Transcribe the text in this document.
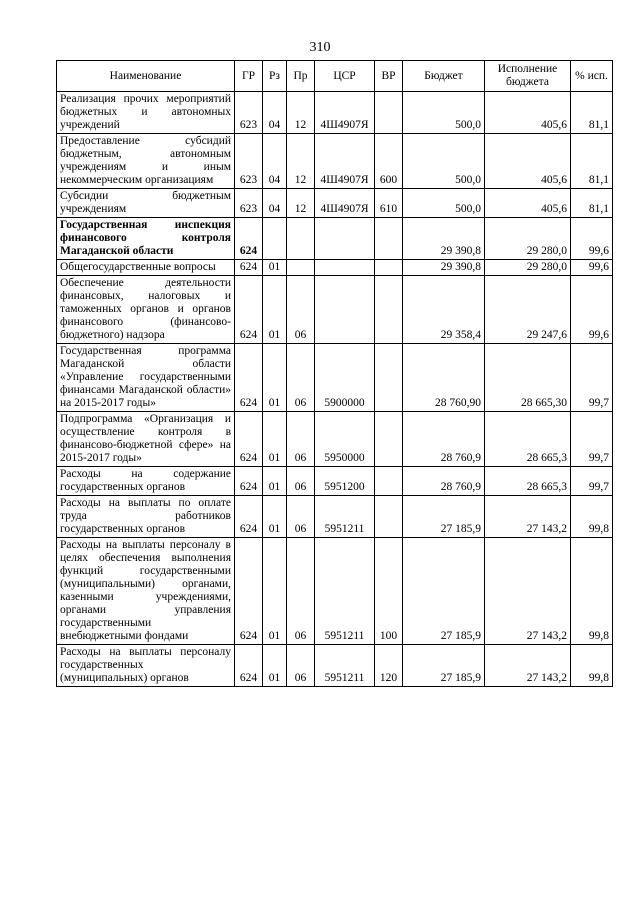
310
Наименование	ГР	Рз	Пр	ЦСР	ВР	Бюджет	Исполнение бюджета	% исп.
Реализация прочих мероприятий бюджетных и автономных учреждений	623	04	12	4Ш4907Я		500,0	405,6	81,1
Предоставление субсидий бюджетным, автономным учреждениям и иным некоммерческим организациям	623	04	12	4Ш4907Я	600	500,0	405,6	81,1
Субсидии бюджетным учреждениям	623	04	12	4Ш4907Я	610	500,0	405,6	81,1
Государственная инспекция финансового контроля Магаданской области	624					29 390,8	29 280,0	99,6
Общегосударственные вопросы	624	01				29 390,8	29 280,0	99,6
Обеспечение деятельности финансовых, налоговых и таможенных органов и органов финансового (финансово-бюджетного) надзора	624	01	06			29 358,4	29 247,6	99,6
Государственная программа Магаданской области «Управление государственными финансами Магаданской области» на 2015-2017 годы»	624	01	06	5900000		28 760,90	28 665,30	99,7
Подпрограмма «Организация и осуществление контроля в финансово-бюджетной сфере» на 2015-2017 годы»	624	01	06	5950000		28 760,9	28 665,3	99,7
Расходы на содержание государственных органов	624	01	06	5951200		28 760,9	28 665,3	99,7
Расходы на выплаты по оплате труда работников государственных органов	624	01	06	5951211		27 185,9	27 143,2	99,8
Расходы на выплаты персоналу в целях обеспечения выполнения функций государственными (муниципальными) органами, казенными учреждениями, органами управления государственными внебюджетными фондами	624	01	06	5951211	100	27 185,9	27 143,2	99,8
Расходы на выплаты персоналу государственных (муниципальных) органов	624	01	06	5951211	120	27 185,9	27 143,2	99,8
